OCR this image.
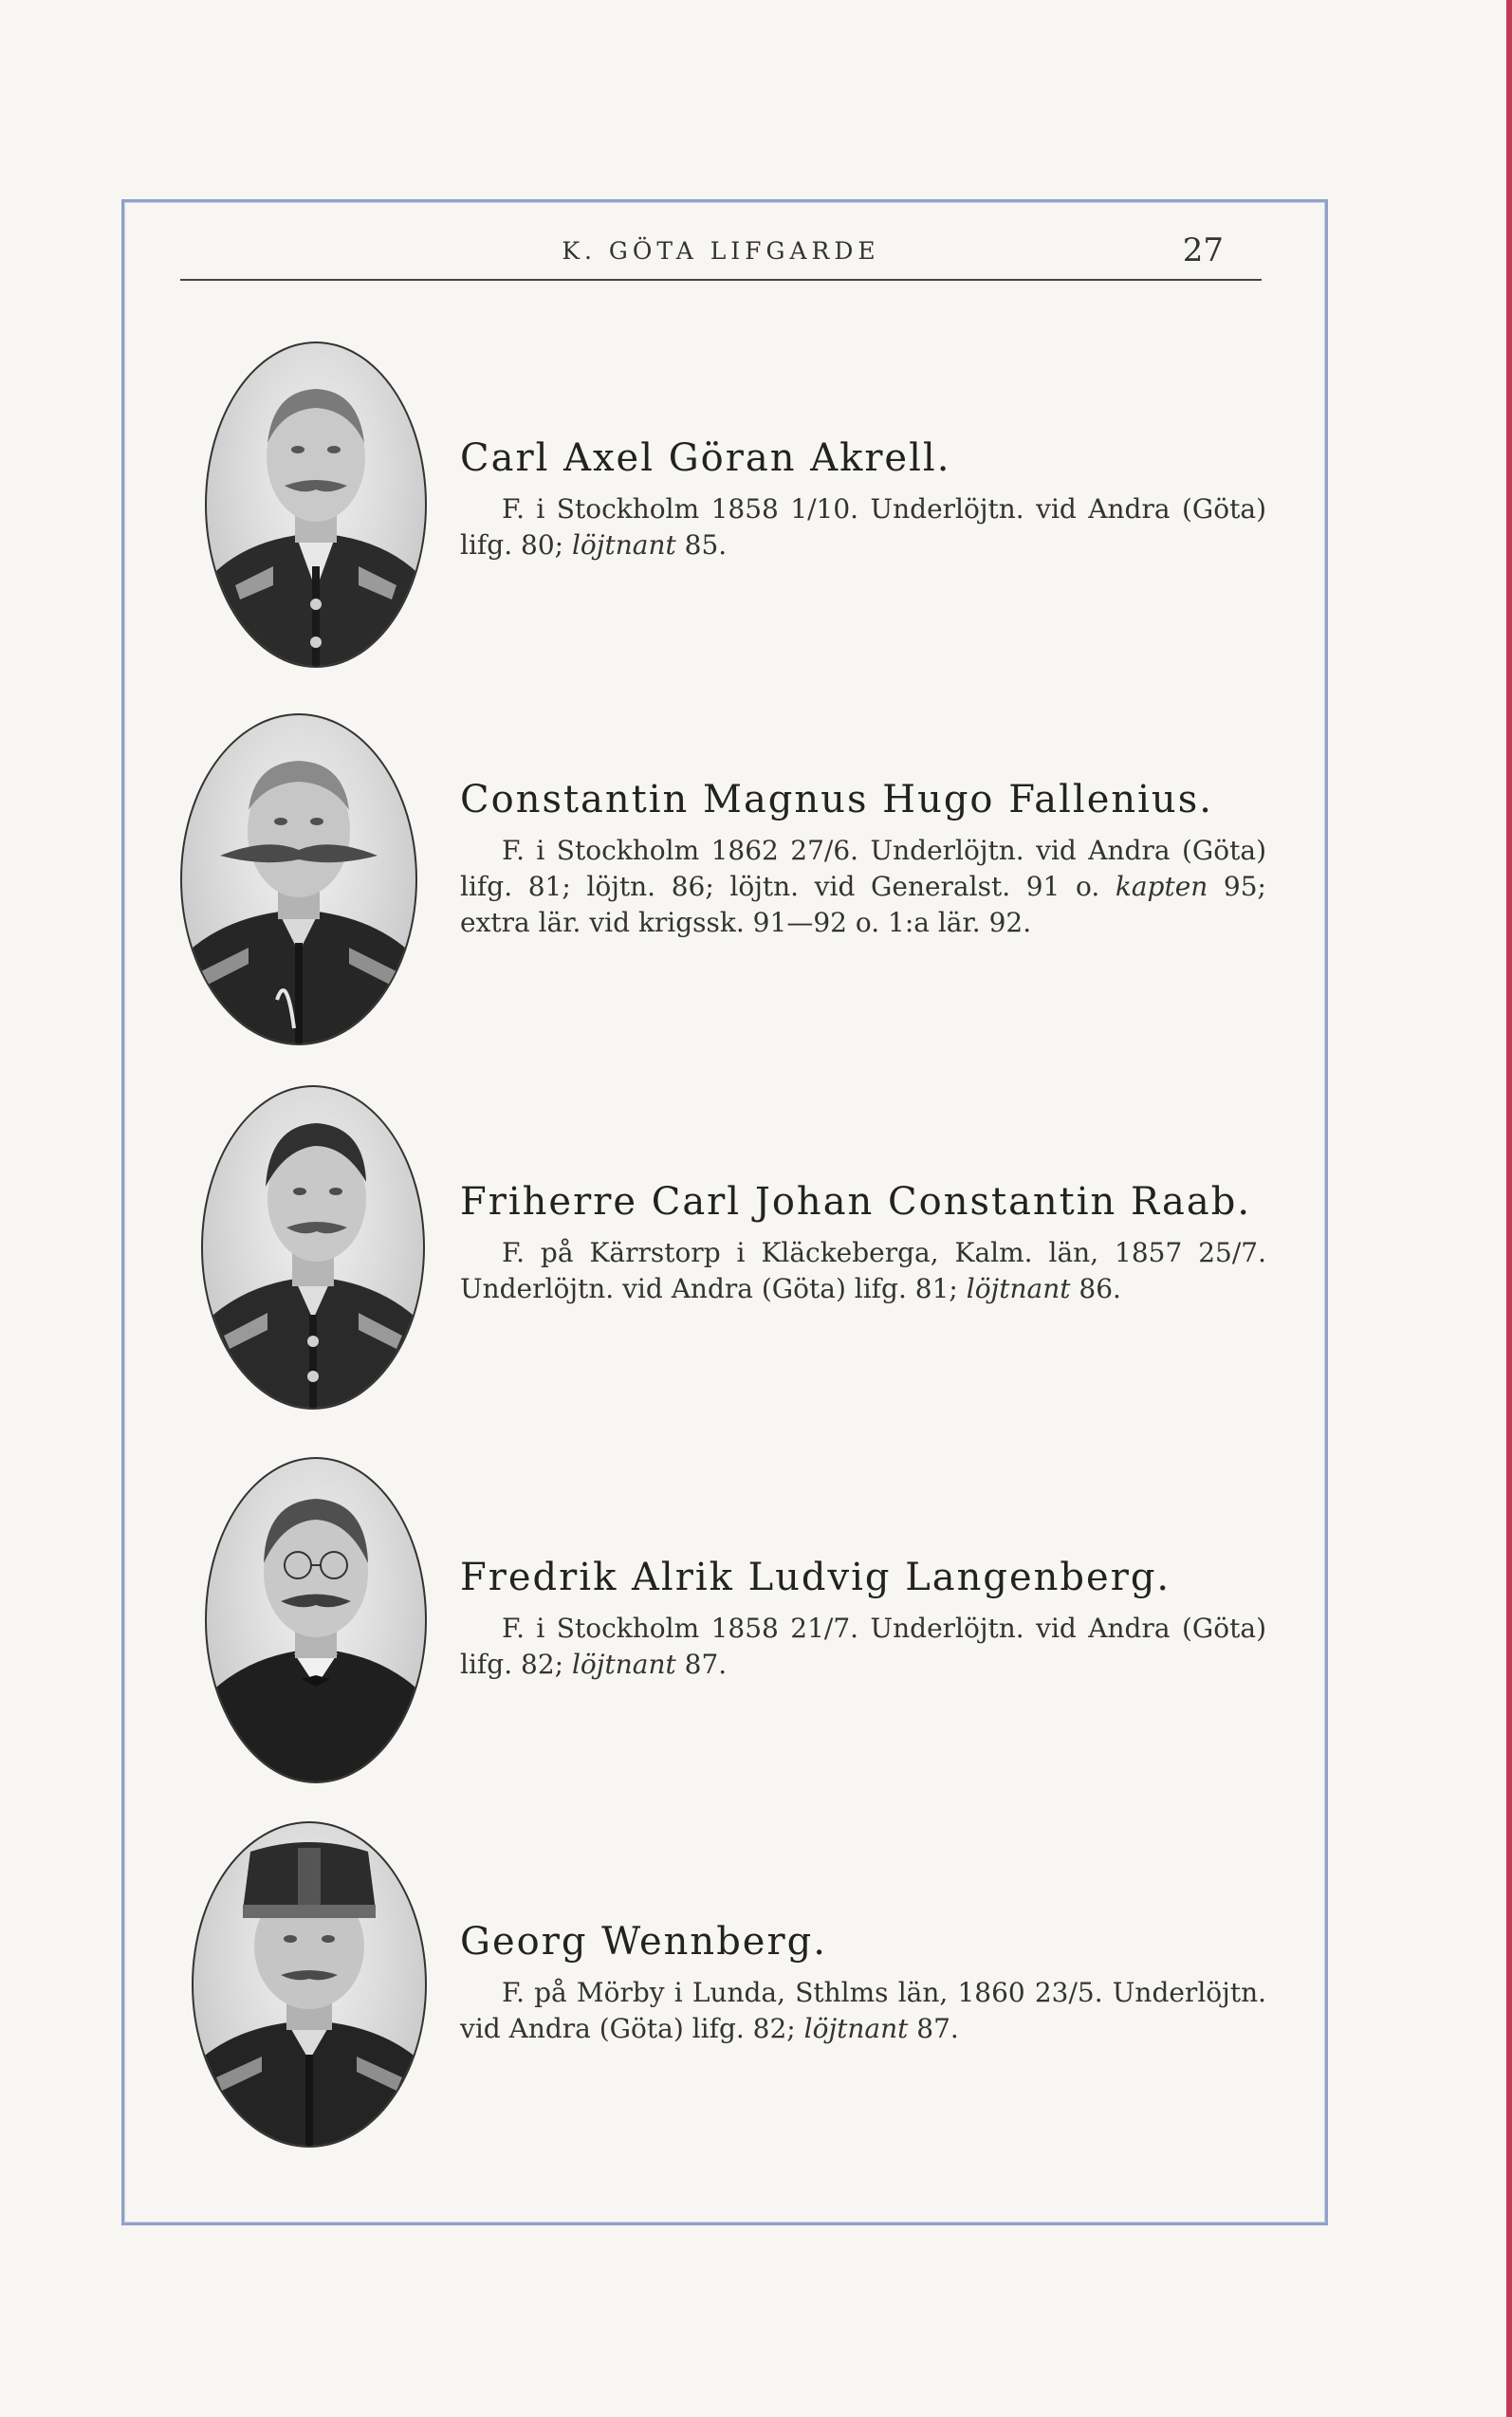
K. GÖTA LIFGARDE	27

Carl Axel Göran Akrell.

F. i Stockholm 1858 1/10. Underlöjtn. vid Andra (Göta) lifg. 80; löjtnant 85.

Constantin Magnus Hugo Fallenius.

F. i Stockholm 1862 27/6. Underlöjtn. vid Andra (Göta) lifg. 81; löjtn. 86; löjtn. vid Generalst. 91 o. kapten 95; extra lär. vid krigssk. 91—92 o. 1:a lär. 92.

Friherre Carl Johan Constantin Raab.

F. på Kärrstorp i Kläckeberga, Kalm. län, 1857 25/7. Underlöjtn. vid Andra (Göta) lifg. 81; löjtnant 86.

Fredrik Alrik Ludvig Langenberg.

F. i Stockholm 1858 21/7. Underlöjtn. vid Andra (Göta) lifg. 82; löjtnant 87.

Georg Wennberg.

F. på Mörby i Lunda, Sthlms län, 1860 23/5. Underlöjtn. vid Andra (Göta) lifg. 82; löjtnant 87.
